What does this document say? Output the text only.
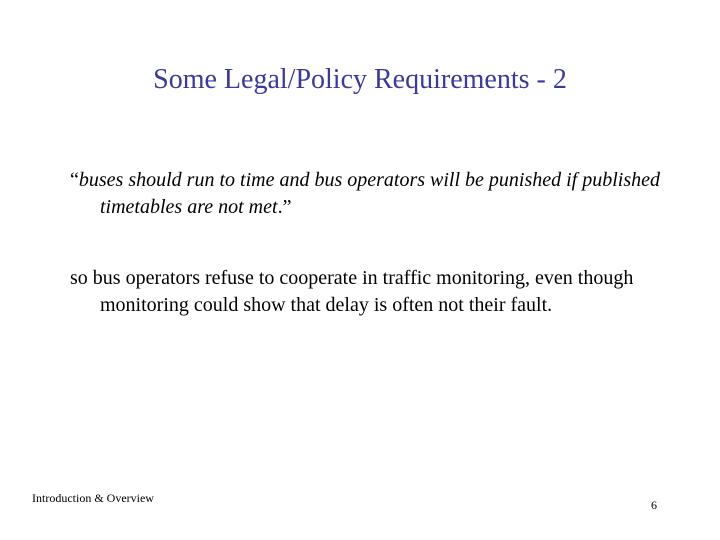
Some Legal/Policy Requirements - 2

“buses should run to time and bus operators will be punished if published timetables are not met.”

so bus operators refuse to cooperate in traffic monitoring, even though monitoring could show that delay is often not their fault.

Introduction & Overview	6
